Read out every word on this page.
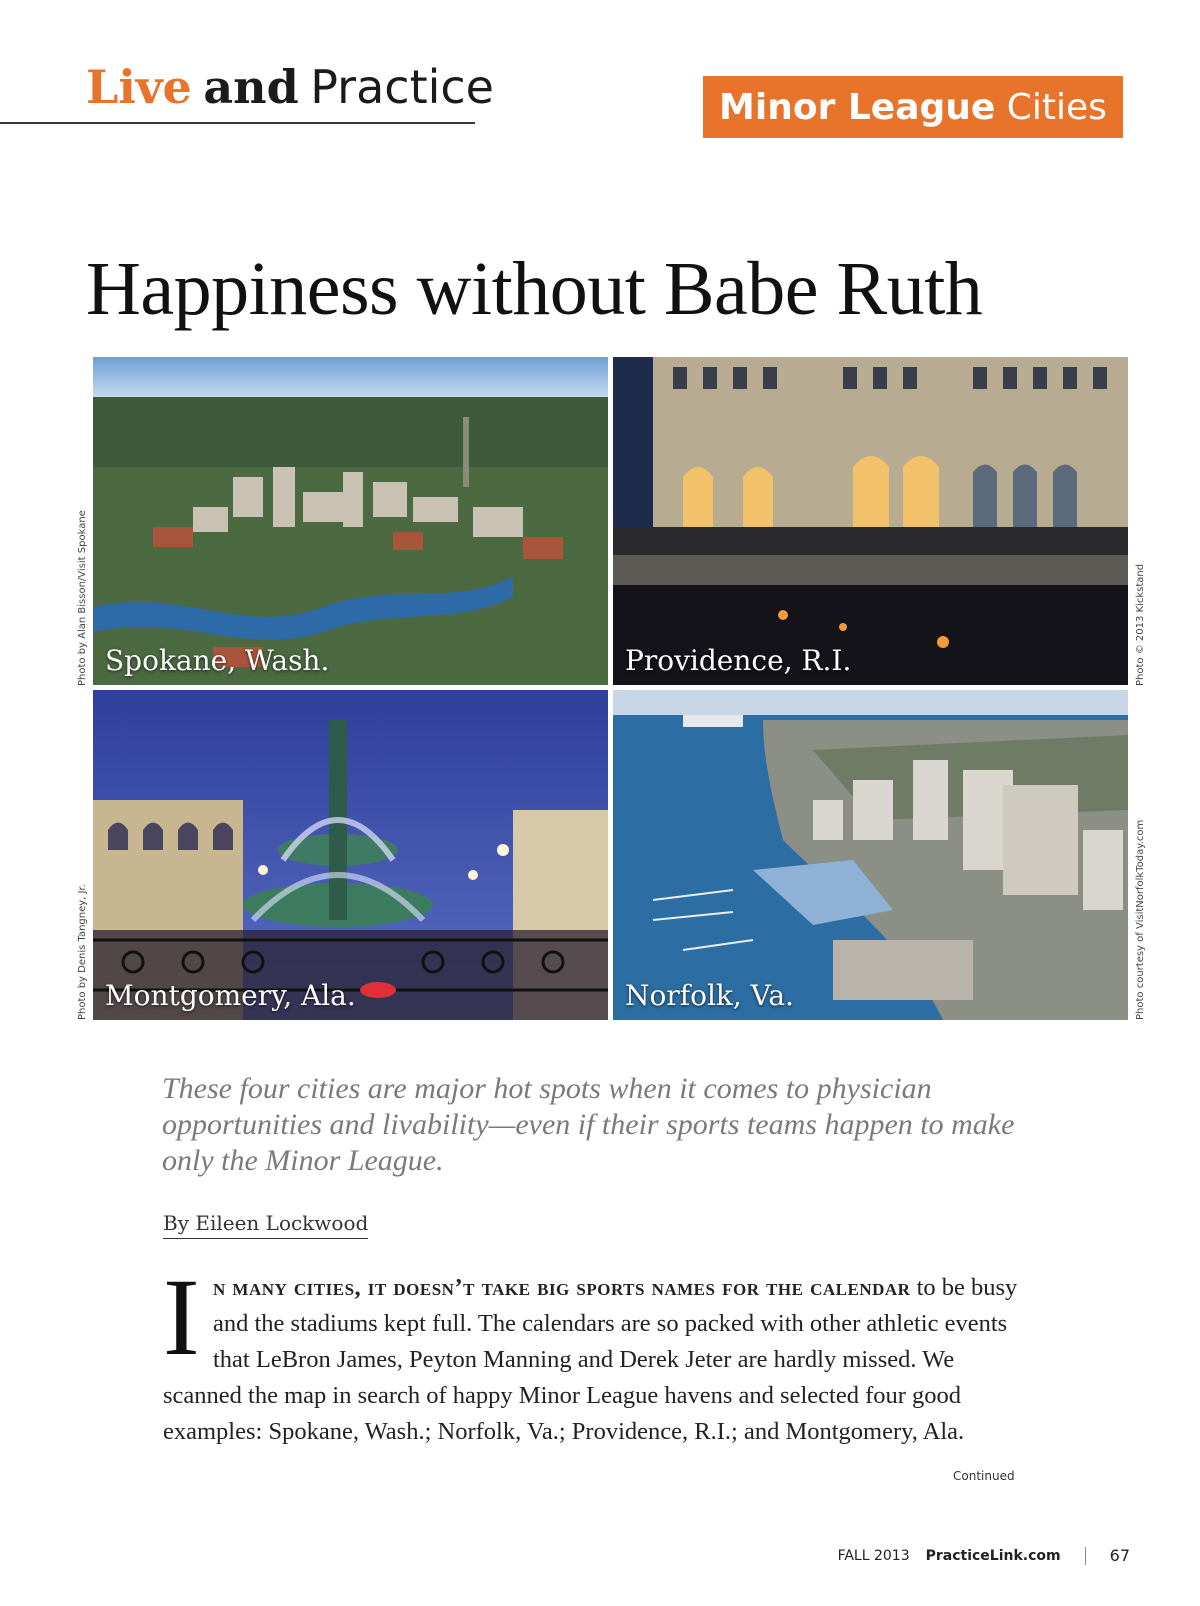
Live and Practice	Minor League
Cities
Happiness without Babe Ruth
Spokane, Wash.	Providence, R.I.
Montgomery, Ala.	Norfolk, Va.
Photo by Alan Bisson/Visit Spokane
Photo by Denis Tangney, Jr.
Photo © 2013 Kickstand
Photo courtesy of VisitNorfolkToday.com
These four cities are major hot spots when it comes to physician opportunities and livability—even if their sports teams happen to make only the Minor League.
By Eileen Lockwood
I n many cities, it doesn’t take big sports names for the calendar to be busy and the stadiums kept full. The calendars are so packed with other athletic events that LeBron James, Peyton Manning and Derek Jeter are hardly missed. We scanned the map in search of happy Minor League havens and selected four good examples: Spokane, Wash.; Norfolk, Va.; Providence, R.I.; and Montgomery, Ala.
Continued
FALL 2013 PracticeLink.com	67
